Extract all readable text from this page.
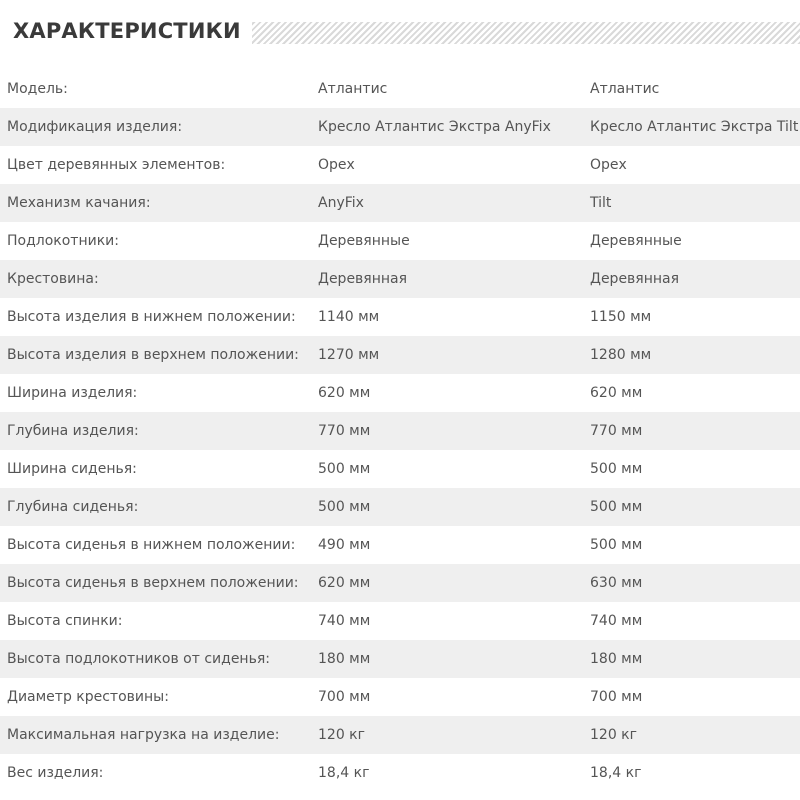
ХАРАКТЕРИСТИКИ
Модель:	Атлантис	Атлантис
Модификация изделия:	Кресло Атлантис Экстра AnyFix	Кресло Атлантис Экстра Tilt
Цвет деревянных элементов:	Орех	Орех
Механизм качания:	AnyFix	Tilt
Подлокотники:	Деревянные	Деревянные
Крестовина:	Деревянная	Деревянная
Высота изделия в нижнем положении:	1140 мм	1150 мм
Высота изделия в верхнем положении:	1270 мм	1280 мм
Ширина изделия:	620 мм	620 мм
Глубина изделия:	770 мм	770 мм
Ширина сиденья:	500 мм	500 мм
Глубина сиденья:	500 мм	500 мм
Высота сиденья в нижнем положении:	490 мм	500 мм
Высота сиденья в верхнем положении:	620 мм	630 мм
Высота спинки:	740 мм	740 мм
Высота подлокотников от сиденья:	180 мм	180 мм
Диаметр крестовины:	700 мм	700 мм
Максимальная нагрузка на изделие:	120 кг	120 кг
Вес изделия:	18,4 кг	18,4 кг
